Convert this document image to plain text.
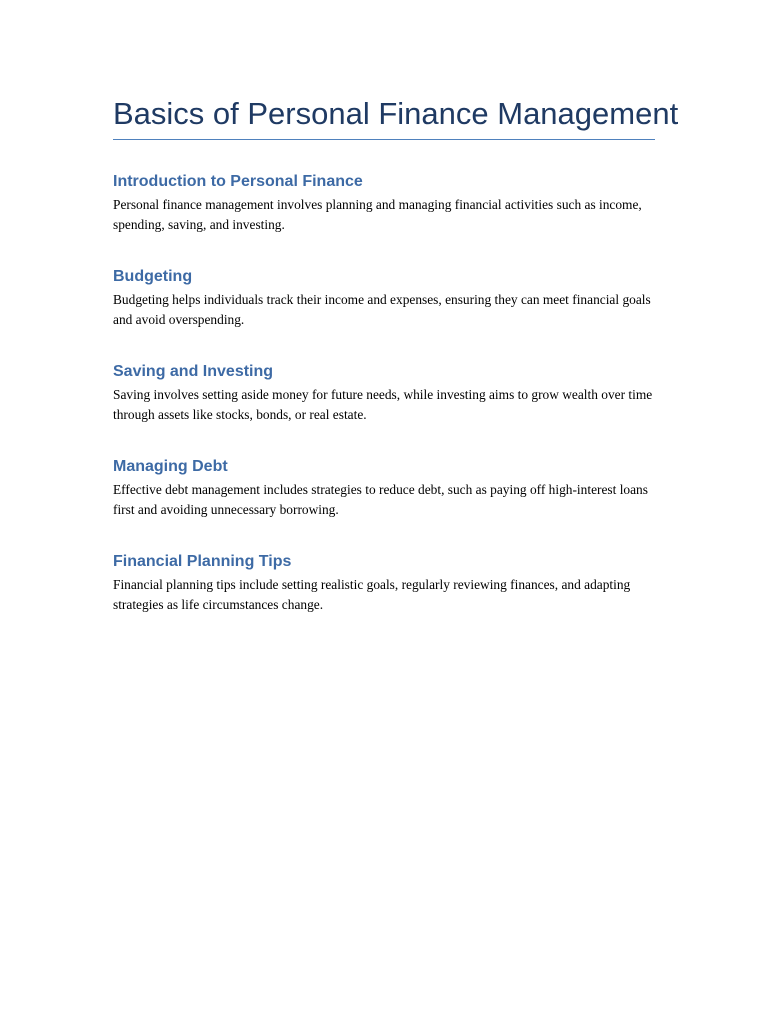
Basics of Personal Finance Management
Introduction to Personal Finance

Personal finance management involves planning and managing financial activities such as income, spending, saving, and investing.

Budgeting

Budgeting helps individuals track their income and expenses, ensuring they can meet financial goals and avoid overspending.

Saving and Investing

Saving involves setting aside money for future needs, while investing aims to grow wealth over time through assets like stocks, bonds, or real estate.

Managing Debt

Effective debt management includes strategies to reduce debt, such as paying off high-interest loans first and avoiding unnecessary borrowing.

Financial Planning Tips

Financial planning tips include setting realistic goals, regularly reviewing finances, and adapting strategies as life circumstances change.
